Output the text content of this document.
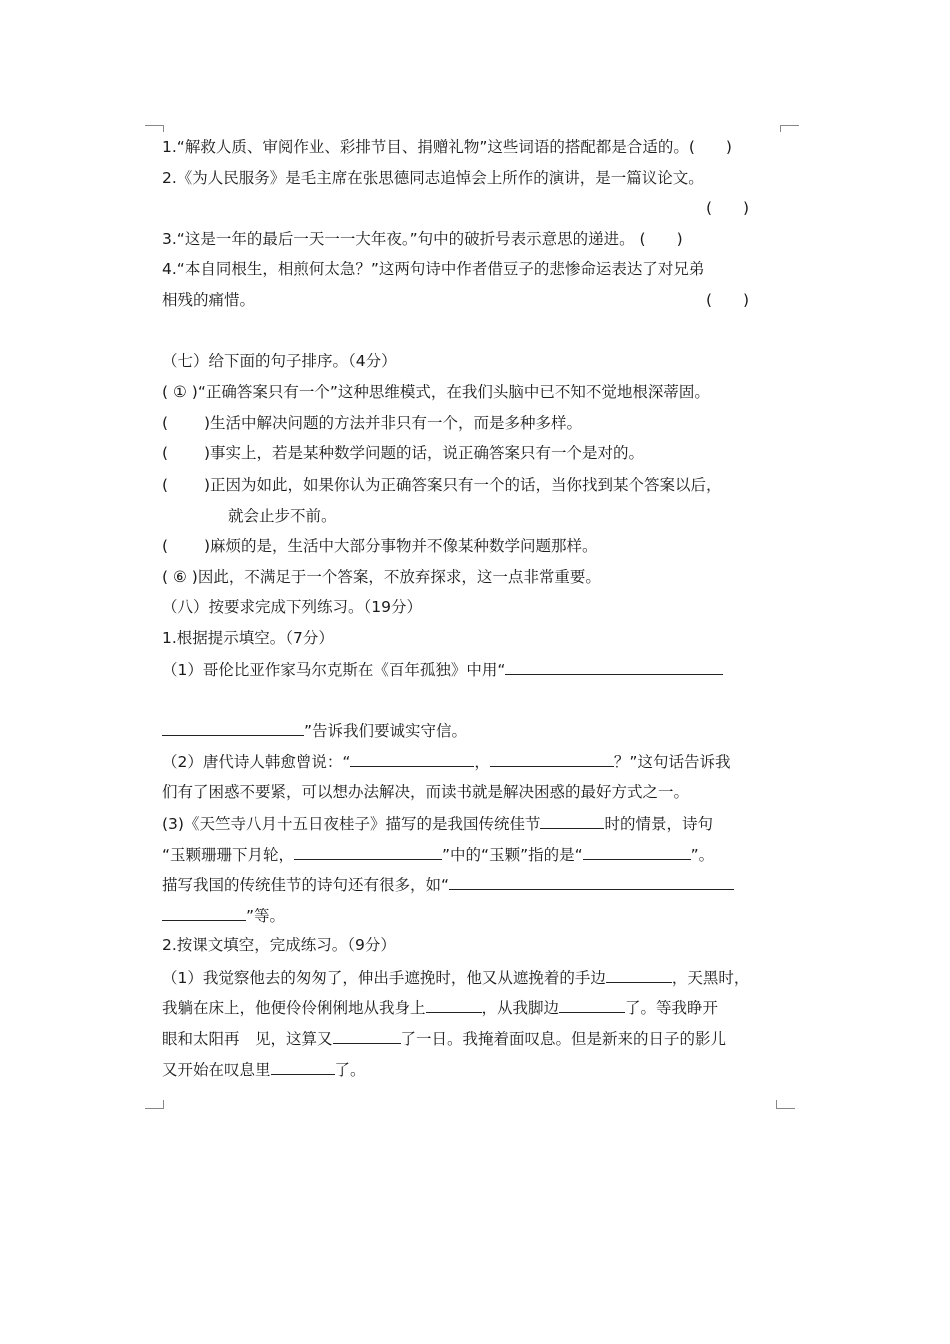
1.“解救人质、审阅作业、彩排节目、捐赠礼物”这些词语的搭配都是合适的。(　　)
2.《为人民服务》是毛主席在张思德同志追悼会上所作的演讲，是一篇议论文。
(　　)
3.“这是一年的最后一天一一大年夜。”句中的破折号表示意思的递进。 (　　)
4.“本自同根生，相煎何太急？”这两句诗中作者借豆子的悲惨命运表达了对兄弟
相残的痛惜。	(　　)
（七）给下面的句子排序。（4分）
( ① )“正确答案只有一个”这种思维模式，在我们头脑中已不知不觉地根深蒂固。
(　　 )生活中解决问题的方法并非只有一个，而是多种多样。
(　　 )事实上，若是某种数学问题的话，说正确答案只有一个是对的。
(　　 )正因为如此，如果你认为正确答案只有一个的话，当你找到某个答案以后，
就会止步不前。
(　　 )麻烦的是，生活中大部分事物并不像某种数学问题那样。
( ⑥ )因此，不满足于一个答案，不放弃探求，这一点非常重要。
（八）按要求完成下列练习。（19分）
1.根据提示填空。（7分）
（1）哥伦比亚作家马尔克斯在《百年孤独》中用“
”告诉我们要诚实守信。
（2）唐代诗人韩愈曾说：“	，	？”这句话告诉我
们有了困惑不要紧，可以想办法解决，而读书就是解决困惑的最好方式之一。
(3)《天竺寺八月十五日夜桂子》描写的是我国传统佳节	时的情景，诗句
“玉颗珊珊下月轮，	”中的“玉颗”指的是“	”。
描写我国的传统佳节的诗句还有很多，如“
”等。
2.按课文填空，完成练习。（9分）
（1）我觉察他去的匆匆了，伸出手遮挽时，他又从遮挽着的手边	，天黑时，
我躺在床上，他便伶伶俐俐地从我身上	，从我脚边	了。等我睁开
眼和太阳再　见，这算又	了一日。我掩着面叹息。但是新来的日子的影儿
又开始在叹息里	了。
